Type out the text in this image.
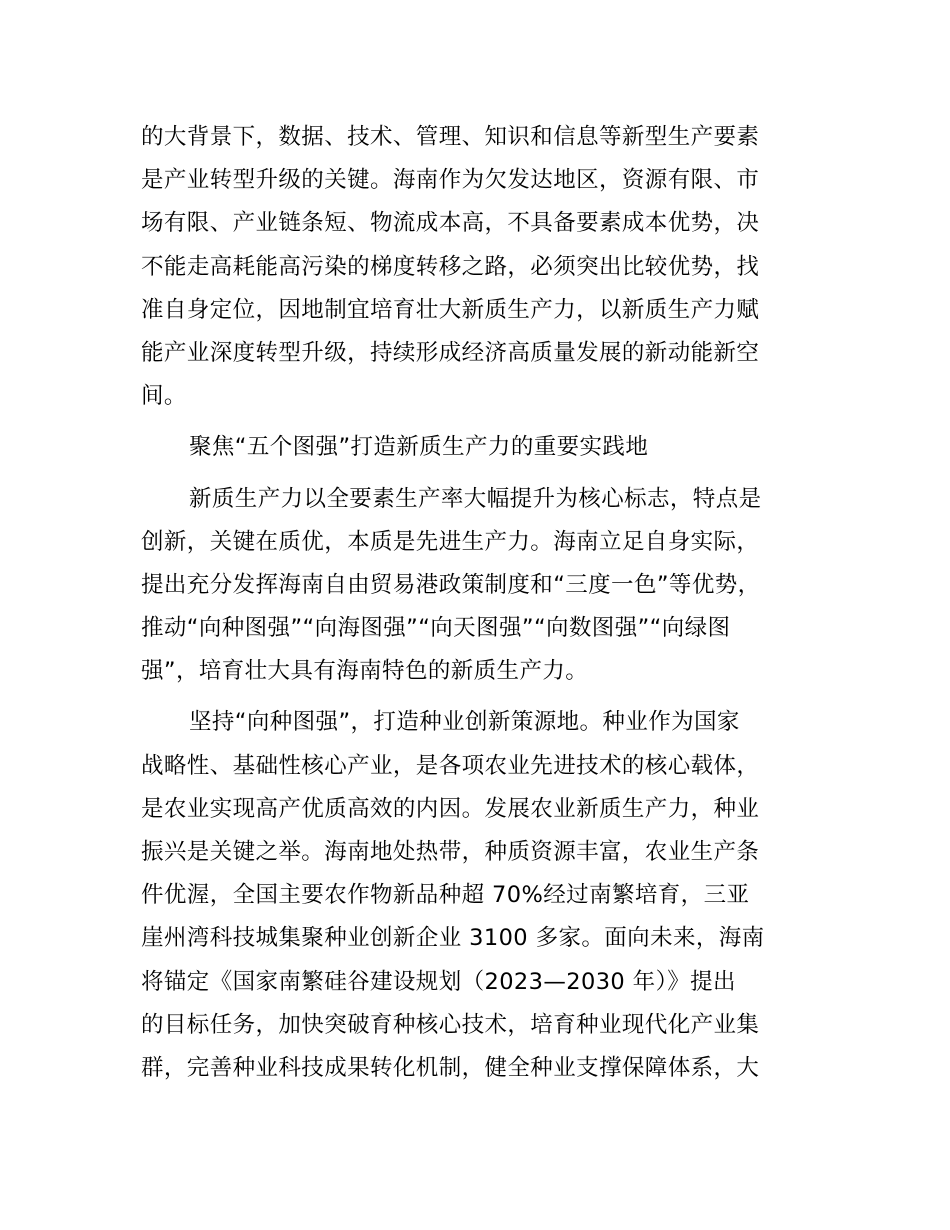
的大背景下，数据、技术、管理、知识和信息等新型生产要素
是产业转型升级的关键。海南作为欠发达地区，资源有限、市
场有限、产业链条短、物流成本高，不具备要素成本优势，决
不能走高耗能高污染的梯度转移之路，必须突出比较优势，找
准自身定位，因地制宜培育壮大新质生产力，以新质生产力赋
能产业深度转型升级，持续形成经济高质量发展的新动能新空
间。
聚焦“五个图强”打造新质生产力的重要实践地
新质生产力以全要素生产率大幅提升为核心标志，特点是
创新，关键在质优，本质是先进生产力。海南立足自身实际，
提出充分发挥海南自由贸易港政策制度和“三度一色”等优势，
推动“向种图强”“向海图强”“向天图强”“向数图强”“向绿图
强”，培育壮大具有海南特色的新质生产力。
坚持“向种图强”，打造种业创新策源地。种业作为国家
战略性、基础性核心产业，是各项农业先进技术的核心载体，
是农业实现高产优质高效的内因。发展农业新质生产力，种业
振兴是关键之举。海南地处热带，种质资源丰富，农业生产条
件优渥，全国主要农作物新品种超 70%经过南繁培育，三亚
崖州湾科技城集聚种业创新企业 3100 多家。面向未来，海南
将锚定《国家南繁硅谷建设规划（2023—2030 年）》提出
的目标任务，加快突破育种核心技术，培育种业现代化产业集
群，完善种业科技成果转化机制，健全种业支撑保障体系，大
